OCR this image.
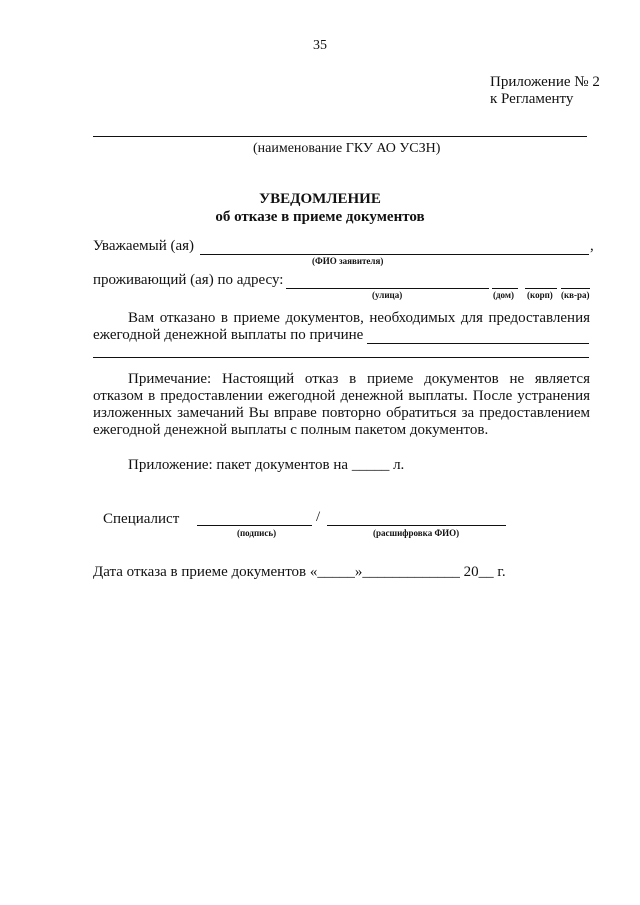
35
Приложение № 2
к Регламенту
(наименование ГКУ АО УСЗН)
УВЕДОМЛЕНИЕ
об отказе в приеме документов
Уважаемый (ая)	,
(ФИО заявителя)
проживающий (ая) по адресу:
(улица)	(дом) (корп) (кв-ра)
Вам отказано в приеме документов, необходимых для предоставления
ежегодной денежной выплаты по причине
Примечание: Настоящий отказ в приеме документов не является
отказом в предоставлении ежегодной денежной выплаты. После устранения
изложенных замечаний Вы вправе повторно обратиться за предоставлением
ежегодной денежной выплаты с полным пакетом документов.
Приложение: пакет документов на _____ л.
Специалист	/
(подпись)	(расшифровка ФИО)
Дата отказа в приеме документов «_____»_____________ 20__ г.
